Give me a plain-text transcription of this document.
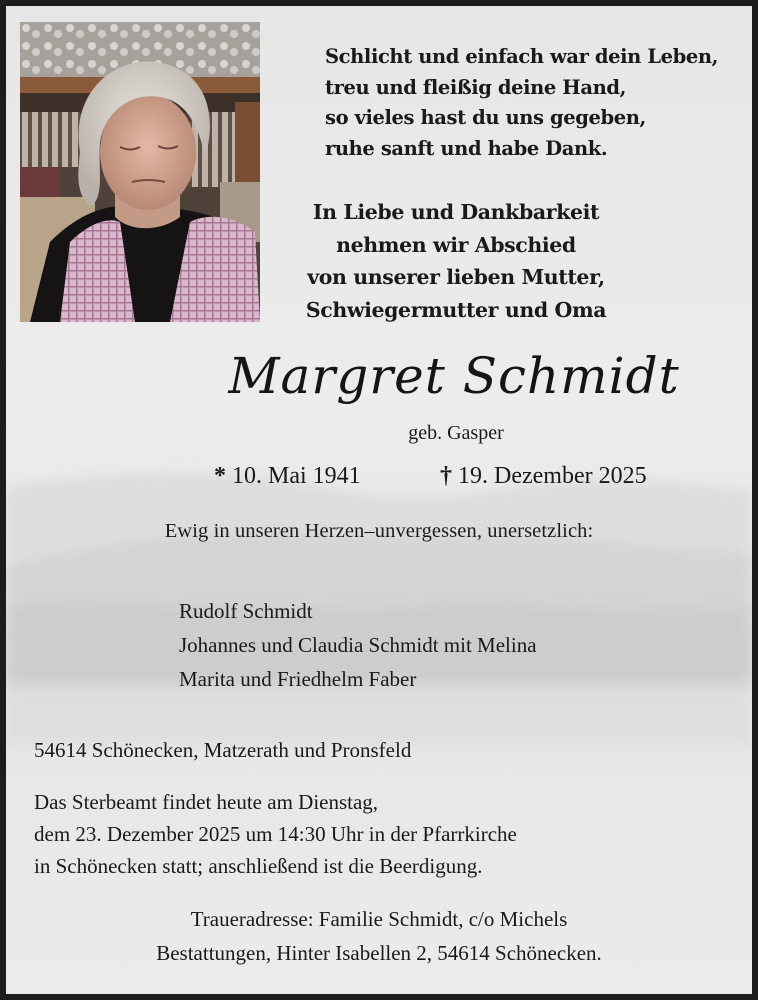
Schlicht und einfach war dein Leben,
treu und fleißig deine Hand,
so vieles hast du uns gegeben,
ruhe sanft und habe Dank.
In Liebe und Dankbarkeit
nehmen wir Abschied
von unserer lieben Mutter,
Schwiegermutter und Oma
Margret Schmidt
geb. Gasper
* 10. Mai 1941	† 19. Dezember 2025
Ewig in unseren Herzen–unvergessen, unersetzlich:
Rudolf Schmidt
Johannes und Claudia Schmidt mit Melina
Marita und Friedhelm Faber
54614 Schönecken, Matzerath und Pronsfeld
Das Sterbeamt findet heute am Dienstag,
dem 23. Dezember 2025 um 14:30 Uhr in der Pfarrkirche
in Schönecken statt; anschließend ist die Beerdigung.
Traueradresse: Familie Schmidt, c/o Michels
Bestattungen, Hinter Isabellen 2, 54614 Schönecken.
